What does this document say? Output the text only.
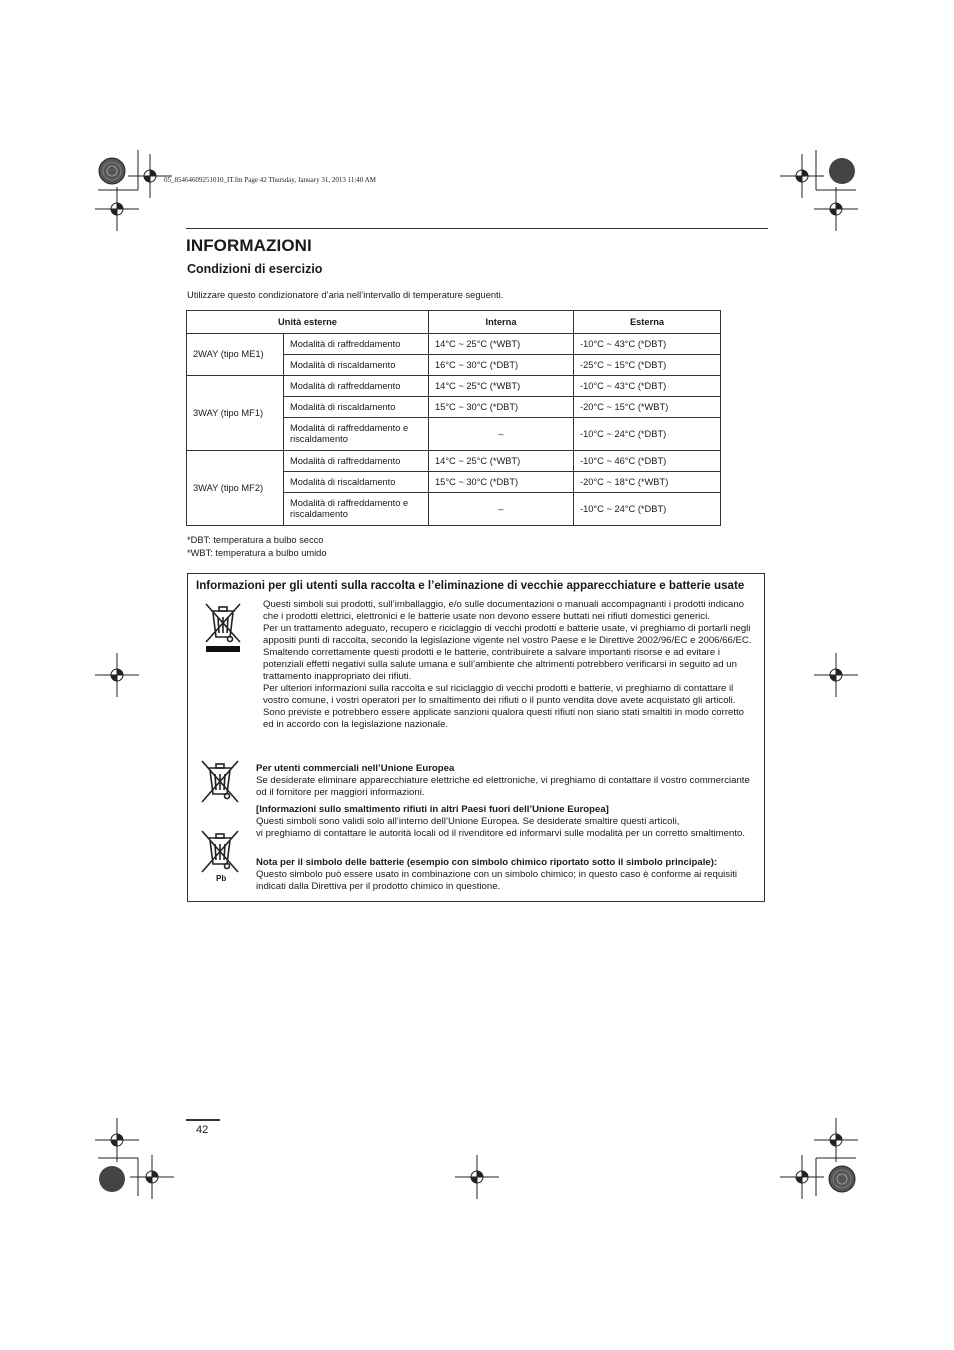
05_85464609251010_IT.fm Page 42 Thursday, January 31, 2013 11:40 AM
INFORMAZIONI
Condizioni di esercizio

Utilizzare questo condizionatore d’aria nell’intervallo di temperature seguenti.

Unità esterne		Interna	Esterna
2WAY (tipo ME1)	Modalità di raffreddamento	14°C ~ 25°C (*WBT)	-10°C ~ 43°C (*DBT)
	Modalità di riscaldamento	16°C ~ 30°C (*DBT)	-25°C ~ 15°C (*DBT)
3WAY (tipo MF1)	Modalità di raffreddamento	14°C ~ 25°C (*WBT)	-10°C ~ 43°C (*DBT)
	Modalità di riscaldamento	15°C ~ 30°C (*DBT)	-20°C ~ 15°C (*WBT)
	Modalità di raffreddamento e riscaldamento	–	-10°C ~ 24°C (*DBT)
3WAY (tipo MF2)	Modalità di raffreddamento	14°C ~ 25°C (*WBT)	-10°C ~ 46°C (*DBT)
	Modalità di riscaldamento	15°C ~ 30°C (*DBT)	-20°C ~ 18°C (*WBT)
	Modalità di raffreddamento e riscaldamento	–	-10°C ~ 24°C (*DBT)

*DBT: temperatura a bulbo secco

*WBT: temperatura a bulbo umido

Informazioni per gli utenti sulla raccolta e l’eliminazione di vecchie apparecchiature e batterie usate

Questi simboli sui prodotti, sull’imballaggio, e/o sulle documentazioni o manuali accompagnanti i prodotti indicano che i prodotti elettrici, elettronici e le batterie usate non devono essere buttati nei rifiuti domestici generici.
Per un trattamento adeguato, recupero e riciclaggio di vecchi prodotti e batterie usate, vi preghiamo di portarli negli appositi punti di raccolta, secondo la legislazione vigente nel vostro Paese e le Direttive 2002/96/EC e 2006/66/EC.
Smaltendo correttamente questi prodotti e le batterie, contribuirete a salvare importanti risorse e ad evitare i potenziali effetti negativi sulla salute umana e sull’ambiente che altrimenti potrebbero verificarsi in seguito ad un trattamento inappropriato dei rifiuti.
Per ulteriori informazioni sulla raccolta e sul riciclaggio di vecchi prodotti e batterie, vi preghiamo di contattare il vostro comune, i vostri operatori per lo smaltimento dei rifiuti o il punto vendita dove avete acquistato gli articoli. Sono previste e potrebbero essere applicate sanzioni qualora questi rifiuti non siano stati smaltiti in modo corretto ed in accordo con la legislazione nazionale.
Per utenti commerciali nell’Unione Europea
Se desiderate eliminare apparecchiature elettriche ed elettroniche, vi preghiamo di contattare il vostro commerciante od il fornitore per maggiori informazioni.
[Informazioni sullo smaltimento rifiuti in altri Paesi fuori dell’Unione Europea]
Questi simboli sono validi solo all’interno dell’Unione Europea. Se desiderate smaltire questi articoli,
vi preghiamo di contattare le autorità locali od il rivenditore ed informarvi sulle modalità per un corretto smaltimento.
Pb
Nota per il simbolo delle batterie (esempio con simbolo chimico riportato sotto il simbolo principale):
Questo simbolo può essere usato in combinazione con un simbolo chimico; in questo caso è conforme ai requisiti indicati dalla Direttiva per il prodotto chimico in questione.

42
